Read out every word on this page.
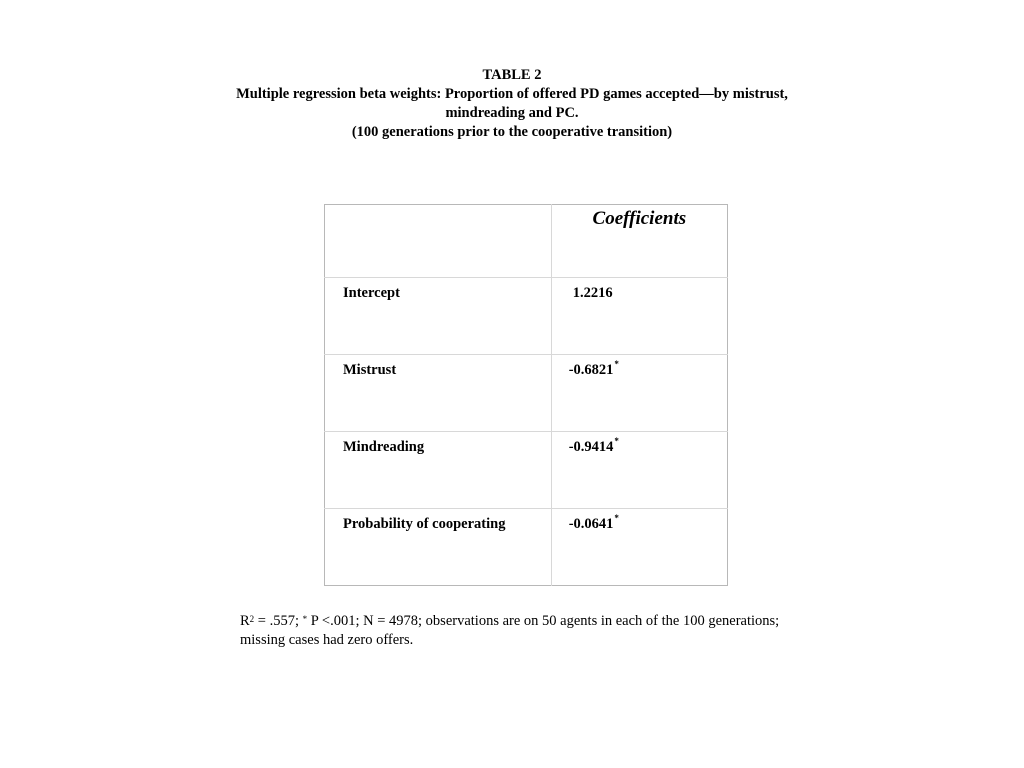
TABLE 2
Multiple regression beta weights: Proportion of offered PD games accepted—by mistrust, mindreading and PC.
(100 generations prior to the cooperative transition)
	Coefficients
Intercept	1.2216
Mistrust	-0.6821*
Mindreading	-0.9414*
Probability of cooperating	-0.0641*
$R^2 = .557$; * P <.001; N = 4978; observations are on 50 agents in each of the 100 generations; missing cases had zero offers.
